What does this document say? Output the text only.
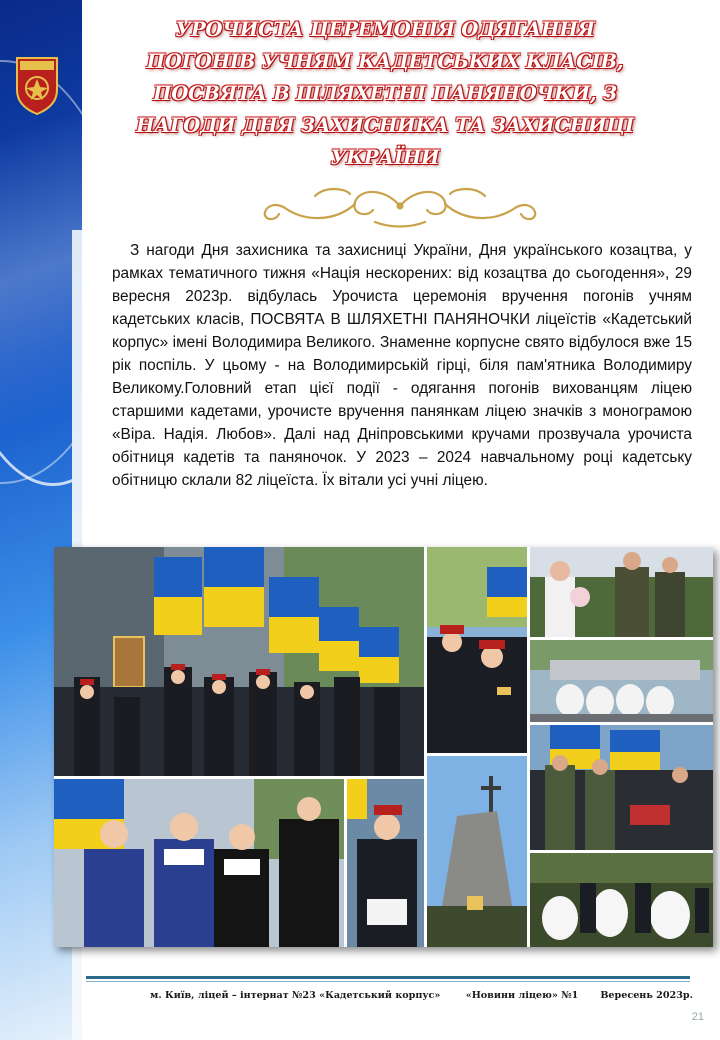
УРОЧИСТА ЦЕРЕМОНІЯ ОДЯГАННЯ
ПОГОНІВ УЧНЯМ КАДЕТСЬКИХ КЛАСІВ,
ПОСВЯТА В ШЛЯХЕТНІ ПАНЯНОЧКИ, З
НАГОДИ ДНЯ ЗАХИСНИКА ТА ЗАХИСНИЦІ
УКРАЇНИ

З нагоди Дня захисника та захисниці України, Дня українського козацтва, у рамках тематичного тижня «Нація нескорених: від козацтва до сьогодення», 29 вересня 2023р. відбулась Урочиста церемонія вручення погонів учням кадетських класів, ПОСВЯТА В ШЛЯХЕТНІ ПАНЯНОЧКИ ліцеїстів «Кадетський корпус» імені Володимира Великого. Знаменне корпусне свято відбулося вже 15 рік поспіль. У цьому - на Володимирській гірці, біля пам'ятника Володимиру Великому.Головний етап цієї події - одягання погонів вихованцям ліцею старшими кадетами, урочисте вручення панянкам ліцею значків з монограмою «Віра. Надія. Любов». Далі над Дніпровськими кручами прозвучала урочиста обітниця кадетів та паняночок. У 2023 – 2024 навчальному році кадетську обітницю склали 82 ліцеїста. Їх вітали усі учні ліцею.

м. Київ, ліцей – інтернат №23 «Кадетський корпус»	«Новини ліцею» №1 Вересень 2023р.
21
